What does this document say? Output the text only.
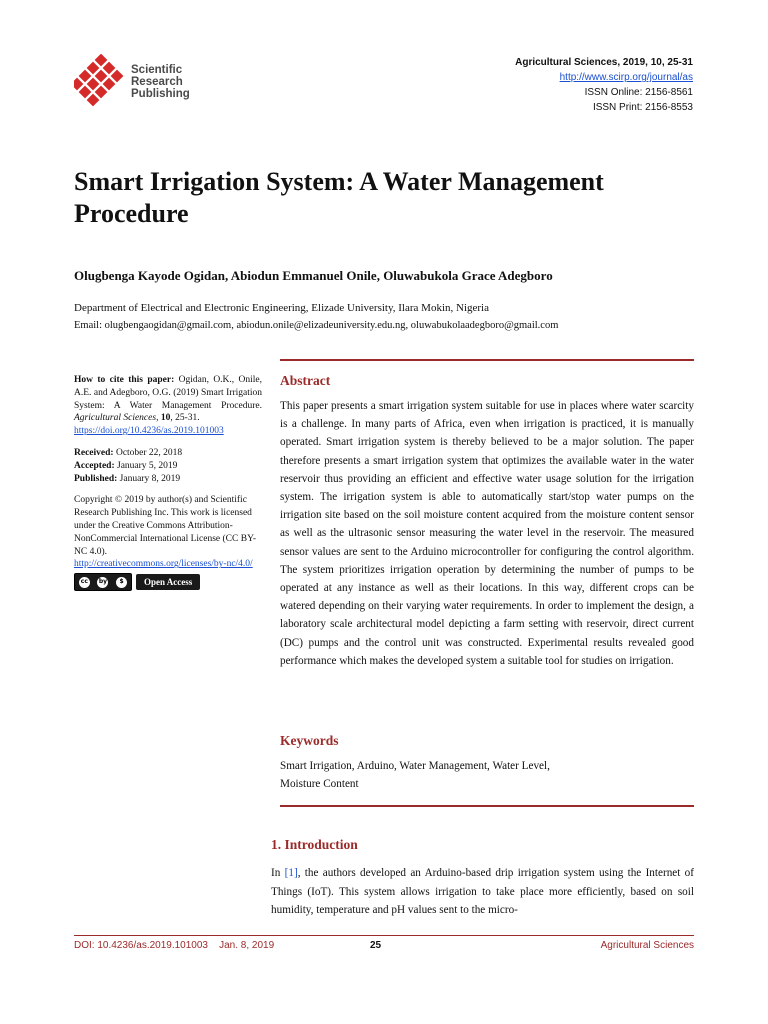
Scientific
Research
Publishing
Agricultural Sciences, 2019, 10, 25-31
http://www.scirp.org/journal/as
ISSN Online: 2156-8561
ISSN Print: 2156-8553
Smart Irrigation System: A Water Management Procedure
Olugbenga Kayode Ogidan, Abiodun Emmanuel Onile, Oluwabukola Grace Adegboro
Department of Electrical and Electronic Engineering, Elizade University, Ilara Mokin, Nigeria
Email: olugbengaogidan@gmail.com, abiodun.onile@elizadeuniversity.edu.ng, oluwabukolaadegboro@gmail.com

How to cite this paper: Ogidan, O.K., Onile, A.E. and Adegboro, O.G. (2019) Smart Irrigation System: A Water Management Procedure. Agricultural Sciences, 10, 25-31.
https://doi.org/10.4236/as.2019.101003

Received: October 22, 2018
Accepted: January 5, 2019
Published: January 8, 2019

Copyright © 2019 by author(s) and Scientific Research Publishing Inc. This work is licensed under the Creative Commons Attribution-NonCommercial International License (CC BY-NC 4.0).
http://creativecommons.org/licenses/by-nc/4.0/

cc	by	$	Open Access
Abstract
This paper presents a smart irrigation system suitable for use in places where water scarcity is a challenge. In many parts of Africa, even when irrigation is practiced, it is manually operated. Smart irrigation system is thereby believed to be a major solution. The paper therefore presents a smart irrigation system that optimizes the available water in the water reservoir thus providing an efficient and effective water usage solution for the irrigation system. The irrigation system is able to automatically start/stop water pumps on the irrigation site based on the soil moisture content acquired from the moisture content sensor as well as the ultrasonic sensor measuring the water level in the reservoir. The measured sensor values are sent to the Arduino microcontroller for configuring the control algorithm. The system prioritizes irrigation operation by determining the number of pumps to be operated at any instance as well as their locations. In this way, different crops can be watered depending on their varying water requirements. In order to implement the design, a laboratory scale architectural model depicting a farm setting with reservoir, direct current (DC) pumps and the control unit was constructed. Experimental results revealed good performance which makes the developed system a suitable tool for studies on irrigation.
Keywords
Smart Irrigation, Arduino, Water Management, Water Level,
Moisture Content
1. Introduction
In [1], the authors developed an Arduino-based drip irrigation system using the Internet of Things (IoT). This system allows irrigation to take place more efficiently, based on soil humidity, temperature and pH values sent to the micro-
DOI: 10.4236/as.2019.101003 Jan. 8, 2019	25	Agricultural Sciences
